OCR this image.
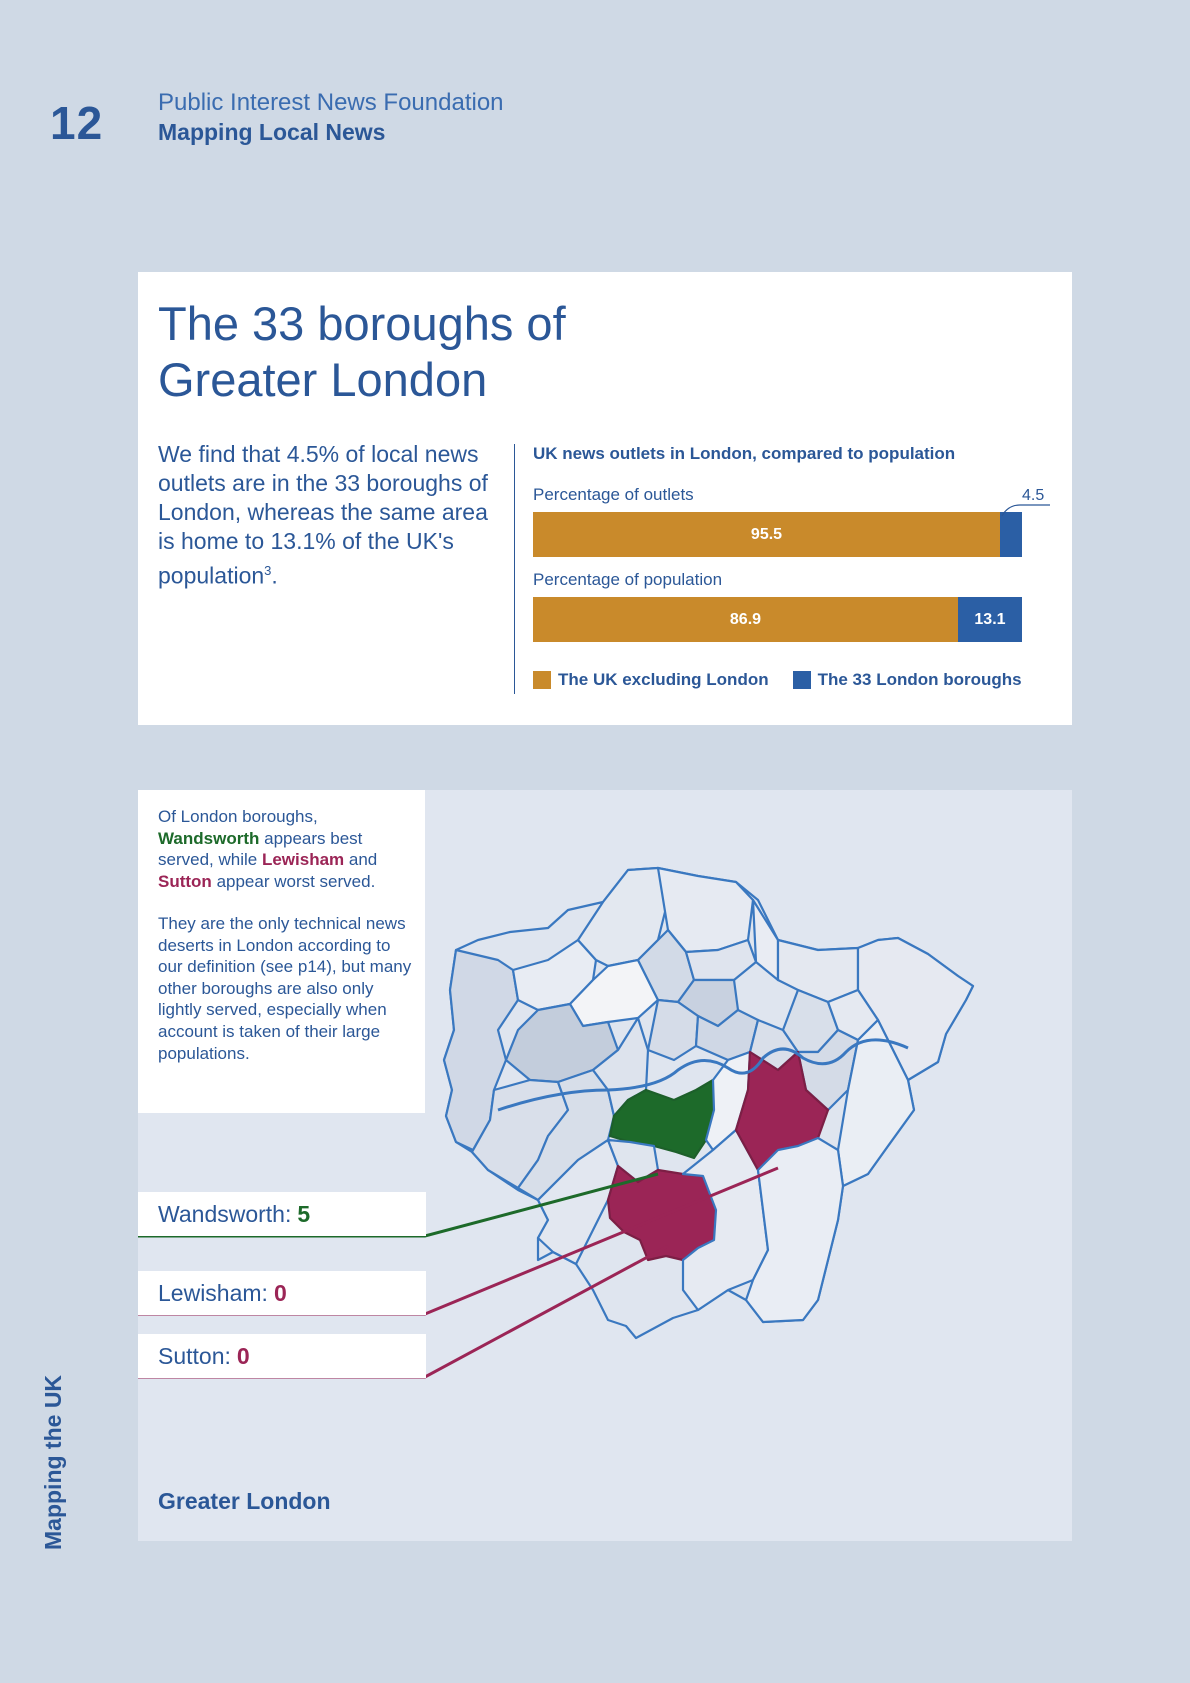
12 Public Interest News Foundation
Mapping Local News
Mapping the UK
The 33 boroughs of Greater London
We find that 4.5% of local news outlets are in the 33 boroughs of London, whereas the same area is home to 13.1% of the UK's population$^3$.
UK news outlets in London, compared to population
Percentage of outlets
95.5
4.5
Percentage of population
86.9	13.1
The UK excluding London	The 33 London boroughs
Of London boroughs, Wandsworth appears best served, while Lewisham and Sutton appear worst served.
They are the only technical news deserts in London according to our definition (see p14), but many other boroughs are also only lightly served, especially when account is taken of their large populations.
Wandsworth: 5
Lewisham: 0
Sutton: 0
Greater London
